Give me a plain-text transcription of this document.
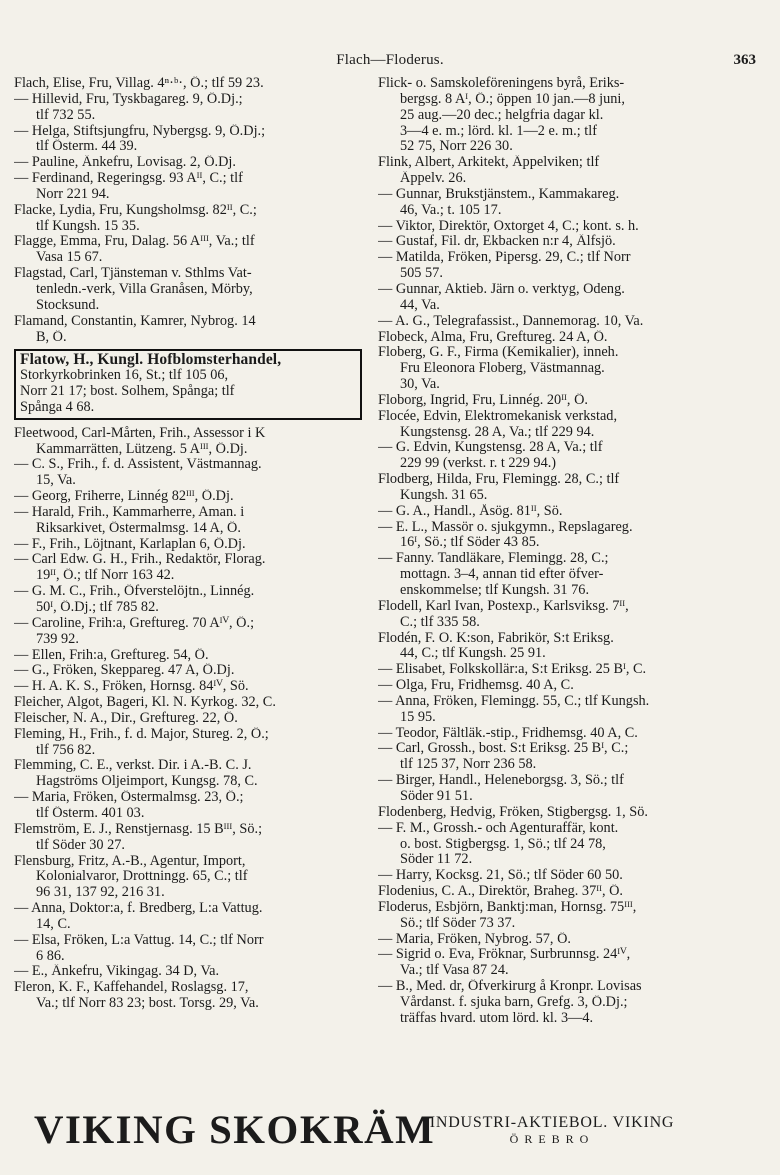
Flach—Floderus.	363
Flach, Elise, Fru, Villag. 4ⁿ·ᵇ·, Ö.; tlf 59 23.
— Hillevid, Fru, Tyskbagareg. 9, Ö.Dj.;
tlf 732 55.
— Helga, Stiftsjungfru, Nybergsg. 9, Ö.Dj.;
tlf Österm. 44 39.
— Pauline, Änkefru, Lovisag. 2, Ö.Dj.
— Ferdinand, Regeringsg. 93 Aᴵᴵ, C.; tlf
Norr 221 94.
Flacke, Lydia, Fru, Kungsholmsg. 82ᴵᴵ, C.;
tlf Kungsh. 15 35.
Flagge, Emma, Fru, Dalag. 56 Aᴵᴵᴵ, Va.; tlf
Vasa 15 67.
Flagstad, Carl, Tjänsteman v. Sthlms Vat-
tenledn.-verk, Villa Granåsen, Mörby,
Stocksund.
Flamand, Constantin, Kamrer, Nybrog. 14
B, Ö.
Flatow, H., Kungl. Hofblomsterhandel,
Storkyrkobrinken 16, St.; tlf 105 06,
Norr 21 17; bost. Solhem, Spånga; tlf
Spånga 4 68.
Fleetwood, Carl-Mårten, Frih., Assessor i K
Kammarrätten, Lützeng. 5 Aᴵᴵᴵ, Ö.Dj.
— C. S., Frih., f. d. Assistent, Västmannag.
15, Va.
— Georg, Friherre, Linnég 82ᴵᴵᴵ, Ö.Dj.
— Harald, Frih., Kammarherre, Aman. i
Riksarkivet, Östermalmsg. 14 A, Ö.
— F., Frih., Löjtnant, Karlaplan 6, Ö.Dj.
— Carl Edw. G. H., Frih., Redaktör, Florag.
19ᴵᴵ, Ö.; tlf Norr 163 42.
— G. M. C., Frih., Öfverstelöjtn., Linnég.
50ᴵ, Ö.Dj.; tlf 785 82.
— Caroline, Frih:a, Greftureg. 70 Aᴵⱽ, Ö.;
739 92.
— Ellen, Frih:a, Greftureg. 54, Ö.
— G., Fröken, Skeppareg. 47 A, Ö.Dj.
— H. A. K. S., Fröken, Hornsg. 84ᴵⱽ, Sö.
Fleicher, Algot, Bageri, Kl. N. Kyrkog. 32, C.
Fleischer, N. A., Dir., Greftureg. 22, Ö.
Fleming, H., Frih., f. d. Major, Stureg. 2, Ö.;
tlf 756 82.
Flemming, C. E., verkst. Dir. i A.-B. C. J.
Hagströms Oljeimport, Kungsg. 78, C.
— Maria, Fröken, Östermalmsg. 23, Ö.;
tlf Österm. 401 03.
Flemström, E. J., Renstjernasg. 15 Bᴵᴵᴵ, Sö.;
tlf Söder 30 27.
Flensburg, Fritz, A.-B., Agentur, Import,
Kolonialvaror, Drottningg. 65, C.; tlf
96 31, 137 92, 216 31.
— Anna, Doktor:a, f. Bredberg, L:a Vattug.
14, C.
— Elsa, Fröken, L:a Vattug. 14, C.; tlf Norr
6 86.
— E., Änkefru, Vikingag. 34 D, Va.
Fleron, K. F., Kaffehandel, Roslagsg. 17,
Va.; tlf Norr 83 23; bost. Torsg. 29, Va.
Flick- o. Samskoleföreningens byrå, Eriks-
bergsg. 8 Aᴵ, Ö.; öppen 10 jan.—8 juni,
25 aug.—20 dec.; helgfria dagar kl.
3—4 e. m.; lörd. kl. 1—2 e. m.; tlf
52 75, Norr 226 30.
Flink, Albert, Arkitekt, Äppelviken; tlf
Äppelv. 26.
— Gunnar, Brukstjänstem., Kammakareg.
46, Va.; t. 105 17.
— Viktor, Direktör, Oxtorget 4, C.; kont. s. h.
— Gustaf, Fil. dr, Ekbacken n:r 4, Älfsjö.
— Matilda, Fröken, Pipersg. 29, C.; tlf Norr
505 57.
— Gunnar, Aktieb. Järn o. verktyg, Odeng.
44, Va.
— A. G., Telegrafassist., Dannemorag. 10, Va.
Flobeck, Alma, Fru, Greftureg. 24 A, Ö.
Floberg, G. F., Firma (Kemikalier), inneh.
Fru Eleonora Floberg, Västmannag.
30, Va.
Floborg, Ingrid, Fru, Linnég. 20ᴵᴵ, Ö.
Flocée, Edvin, Elektromekanisk verkstad,
Kungstensg. 28 A, Va.; tlf 229 94.
— G. Edvin, Kungstensg. 28 A, Va.; tlf
229 99 (verkst. r. t 229 94.)
Flodberg, Hilda, Fru, Flemingg. 28, C.; tlf
Kungsh. 31 65.
— G. A., Handl., Åsög. 81ᴵᴵ, Sö.
— E. L., Massör o. sjukgymn., Repslagareg.
16ᴵ, Sö.; tlf Söder 43 85.
— Fanny. Tandläkare, Flemingg. 28, C.;
mottagn. 3–4, annan tid efter öfver-
enskommelse; tlf Kungsh. 31 76.
Flodell, Karl Ivan, Postexp., Karlsviksg. 7ᴵᴵ,
C.; tlf 335 58.
Flodén, F. O. K:son, Fabrikör, S:t Eriksg.
44, C.; tlf Kungsh. 25 91.
— Elisabet, Folkskollär:a, S:t Eriksg. 25 Bᴵ, C.
— Olga, Fru, Fridhemsg. 40 A, C.
— Anna, Fröken, Flemingg. 55, C.; tlf Kungsh.
15 95.
— Teodor, Fältläk.-stip., Fridhemsg. 40 A, C.
— Carl, Grossh., bost. S:t Eriksg. 25 Bᴵ, C.;
tlf 125 37, Norr 236 58.
— Birger, Handl., Heleneborgsg. 3, Sö.; tlf
Söder 91 51.
Flodenberg, Hedvig, Fröken, Stigbergsg. 1, Sö.
— F. M., Grossh.- och Agenturaffär, kont.
o. bost. Stigbergsg. 1, Sö.; tlf 24 78,
Söder 11 72.
— Harry, Kocksg. 21, Sö.; tlf Söder 60 50.
Flodenius, C. A., Direktör, Braheg. 37ᴵᴵ, Ö.
Floderus, Esbjörn, Banktj:man, Hornsg. 75ᴵᴵᴵ,
Sö.; tlf Söder 73 37.
— Maria, Fröken, Nybrog. 57, Ö.
— Sigrid o. Eva, Fröknar, Surbrunnsg. 24ᴵⱽ,
Va.; tlf Vasa 87 24.
— B., Med. dr, Öfverkirurg å Kronpr. Lovisas
Vårdanst. f. sjuka barn, Grefg. 3, Ö.Dj.;
träffas hvard. utom lörd. kl. 3—4.
VIKING SKOKRÄM
INDUSTRI-AKTIEBOL. VIKING
ÖREBRO
